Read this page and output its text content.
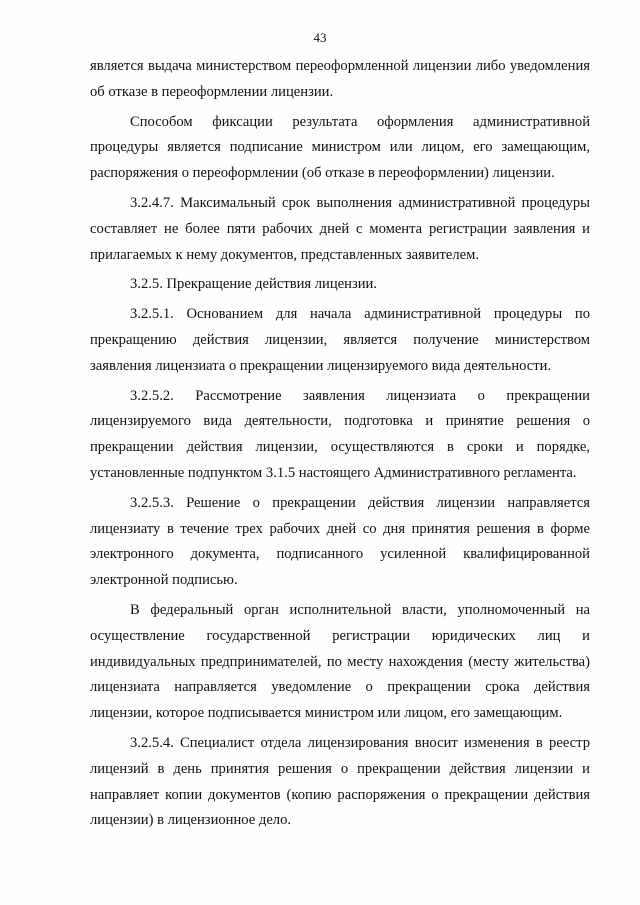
43

является выдача министерством переоформленной лицензии либо уведомления об отказе в переоформлении лицензии.

Способом фиксации результата оформления административной процедуры является подписание министром или лицом, его замещающим, распоряжения о переоформлении (об отказе в переоформлении) лицензии.

3.2.4.7. Максимальный срок выполнения административной процедуры составляет не более пяти рабочих дней с момента регистрации заявления и прилагаемых к нему документов, представленных заявителем.

3.2.5. Прекращение действия лицензии.

3.2.5.1. Основанием для начала административной процедуры по прекращению действия лицензии, является получение министерством заявления лицензиата о прекращении лицензируемого вида деятельности.

3.2.5.2. Рассмотрение заявления лицензиата о прекращении лицензируемого вида деятельности, подготовка и принятие решения о прекращении действия лицензии, осуществляются в сроки и порядке, установленные подпунктом 3.1.5 настоящего Административного регламента.

3.2.5.3. Решение о прекращении действия лицензии направляется лицензиату в течение трех рабочих дней со дня принятия решения в форме электронного документа, подписанного усиленной квалифицированной электронной подписью.

В федеральный орган исполнительной власти, уполномоченный на осуществление государственной регистрации юридических лиц и индивидуальных предпринимателей, по месту нахождения (месту жительства) лицензиата направляется уведомление о прекращении срока действия лицензии, которое подписывается министром или лицом, его замещающим.

3.2.5.4. Специалист отдела лицензирования вносит изменения в реестр лицензий в день принятия решения о прекращении действия лицензии и направляет копии документов (копию распоряжения о прекращении действия лицензии) в лицензионное дело.
